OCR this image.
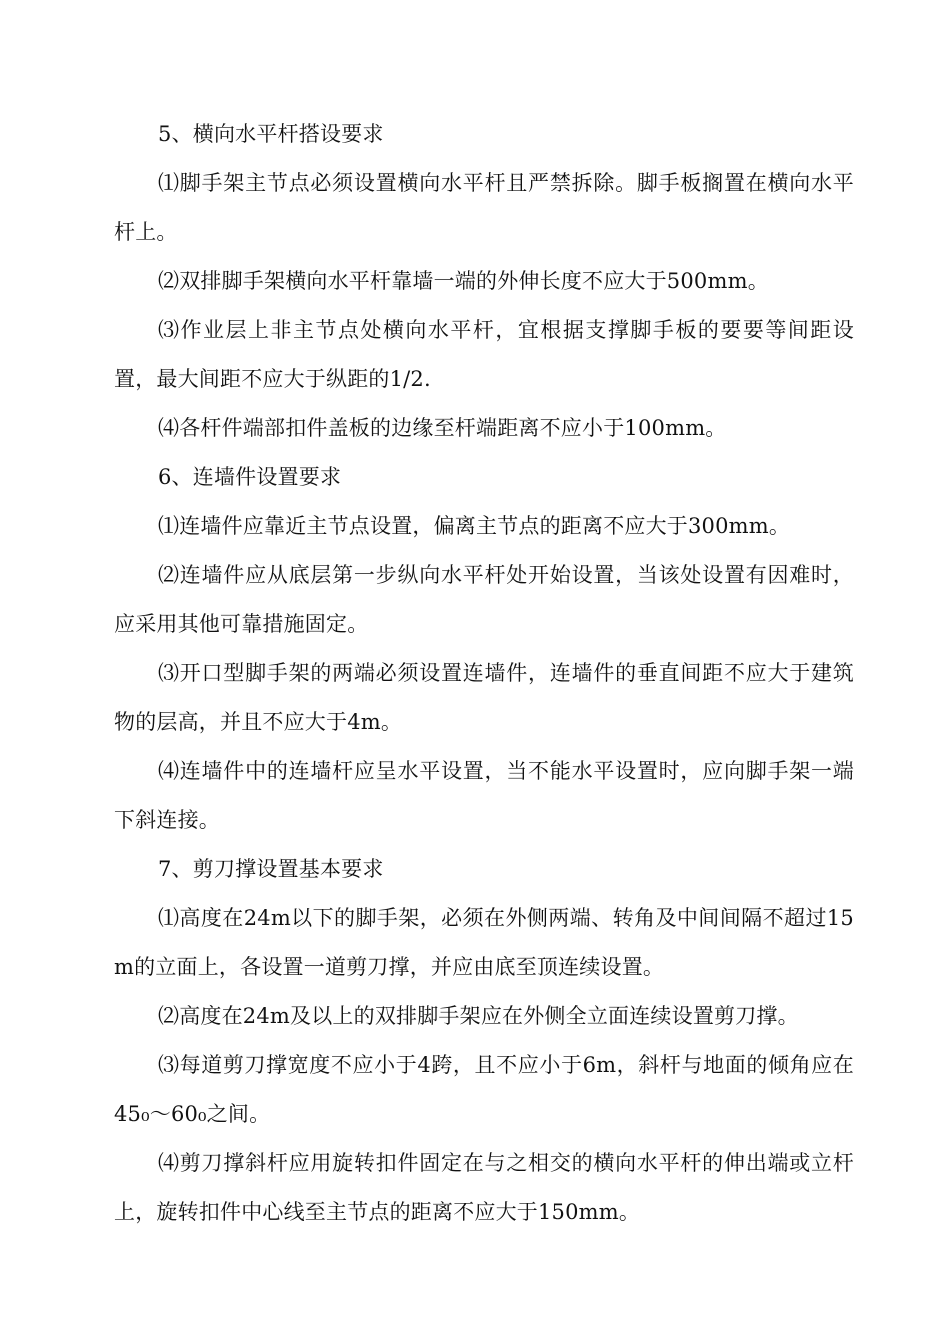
5、横向水平杆搭设要求

⑴脚手架主节点必须设置横向水平杆且严禁拆除。脚手板搁置在横向水平杆上。

⑵双排脚手架横向水平杆靠墙一端的外伸长度不应大于500mm。

⑶作业层上非主节点处横向水平杆，宜根据支撑脚手板的要要等间距设置，最大间距不应大于纵距的1/2.

⑷各杆件端部扣件盖板的边缘至杆端距离不应小于100mm。

6、连墙件设置要求

⑴连墙件应靠近主节点设置，偏离主节点的距离不应大于300mm。

⑵连墙件应从底层第一步纵向水平杆处开始设置，当该处设置有因难时，应采用其他可靠措施固定。

⑶开口型脚手架的两端必须设置连墙件，连墙件的垂直间距不应大于建筑物的层高，并且不应大于4m。

⑷连墙件中的连墙杆应呈水平设置，当不能水平设置时，应向脚手架一端下斜连接。

7、剪刀撑设置基本要求

⑴高度在24m以下的脚手架，必须在外侧两端、转角及中间间隔不超过15m的立面上，各设置一道剪刀撑，并应由底至顶连续设置。

⑵高度在24m及以上的双排脚手架应在外侧全立面连续设置剪刀撑。

⑶每道剪刀撑宽度不应小于4跨，且不应小于6m，斜杆与地面的倾角应在45₀～60₀之间。

⑷剪刀撑斜杆应用旋转扣件固定在与之相交的横向水平杆的伸出端或立杆上，旋转扣件中心线至主节点的距离不应大于150mm。
